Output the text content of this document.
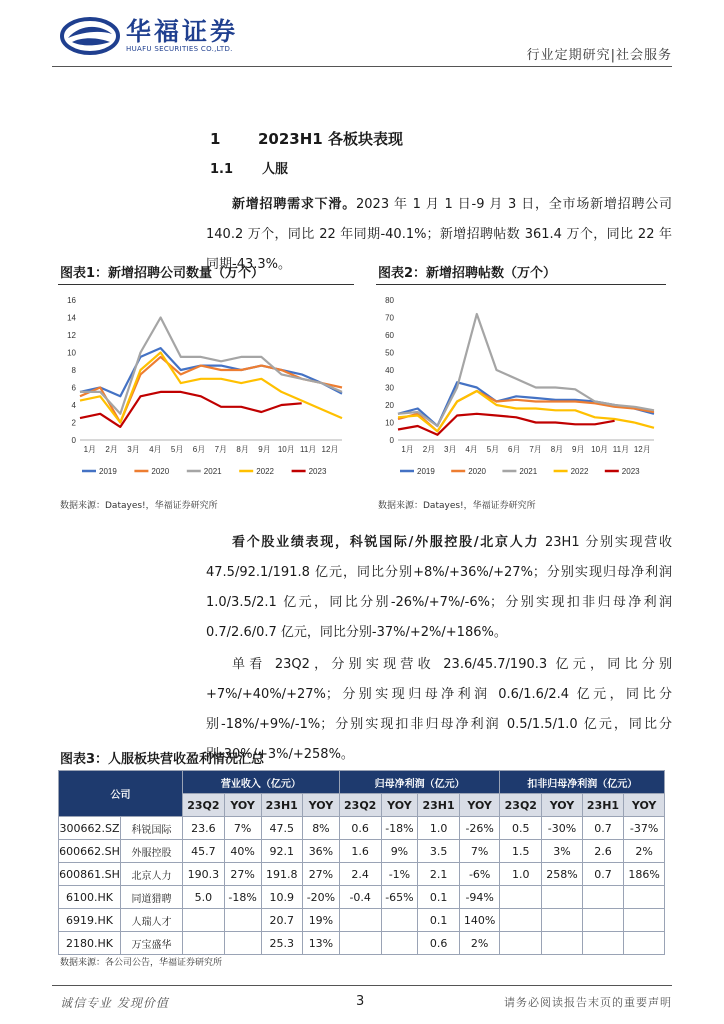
华福证券
HUAFU SECURITIES CO.,LTD.	行业定期研究|社会服务
1	2023H1 各板块表现
1.1 人服

新增招聘需求下滑。2023 年 1 月 1 日-9 月 3 日，全市场新增招聘公司 140.2 万个，同比 22 年同期-40.1%；新增招聘帖数 361.4 万个，同比 22 年同期-43.3%。

图表1：新增招聘公司数量（万个）
0
2
4
6
8
10
12
14
16
1月 2月 3月 4月 5月 6月 7月 8月 9月 10月 11月 12月
2019	2020	2021	2022	2023
数据来源：Datayes!，华福证券研究所
图表2：新增招聘帖数（万个）
0
10
20
30
40
50
60
70
80
1月 2月 3月 4月 5月 6月 7月 8月 9月 10月 11月 12月
2019	2020	2021	2022	2023
数据来源：Datayes!，华福证券研究所

看个股业绩表现，科锐国际/外服控股/北京人力 23H1 分别实现营收 47.5/92.1/191.8 亿元，同比分别+8%/+36%/+27%；分别实现归母净利润 1.0/3.5/2.1 亿元，同比分别-26%/+7%/-6%；分别实现扣非归母净利润 0.7/2.6/0.7 亿元，同比分别-37%/+2%/+186%。

单看 23Q2，分别实现营收 23.6/45.7/190.3 亿元，同比分别+7%/+40%/+27%；分别实现归母净利润 0.6/1.6/2.4 亿元，同比分别-18%/+9%/-1%；分别实现扣非归母净利润 0.5/1.5/1.0 亿元，同比分别-30%/+3%/+258%。

图表3：人服板块营收盈利情况汇总
公司		营业收入（亿元）				归母净利润（亿元）				扣非归母净利润（亿元）			
		23Q2	YOY	23H1	YOY	23Q2	YOY	23H1	YOY	23Q2	YOY	23H1	YOY
300662.SZ	科锐国际	23.6	7%	47.5	8%	0.6	-18%	1.0	-26%	0.5	-30%	0.7	-37%
600662.SH	外服控股	45.7	40%	92.1	36%	1.6	9%	3.5	7%	1.5	3%	2.6	2%
600861.SH	北京人力	190.3	27%	191.8	27%	2.4	-1%	2.1	-6%	1.0	258%	0.7	186%
6100.HK	同道猎聘	5.0	-18%	10.9	-20%	-0.4	-65%	0.1	-94%				
6919.HK	人瑞人才			20.7	19%			0.1	140%				
2180.HK	万宝盛华			25.3	13%			0.6	2%				
数据来源：各公司公告，华福证券研究所
诚信专业 发现价值	3	请务必阅读报告末页的重要声明
